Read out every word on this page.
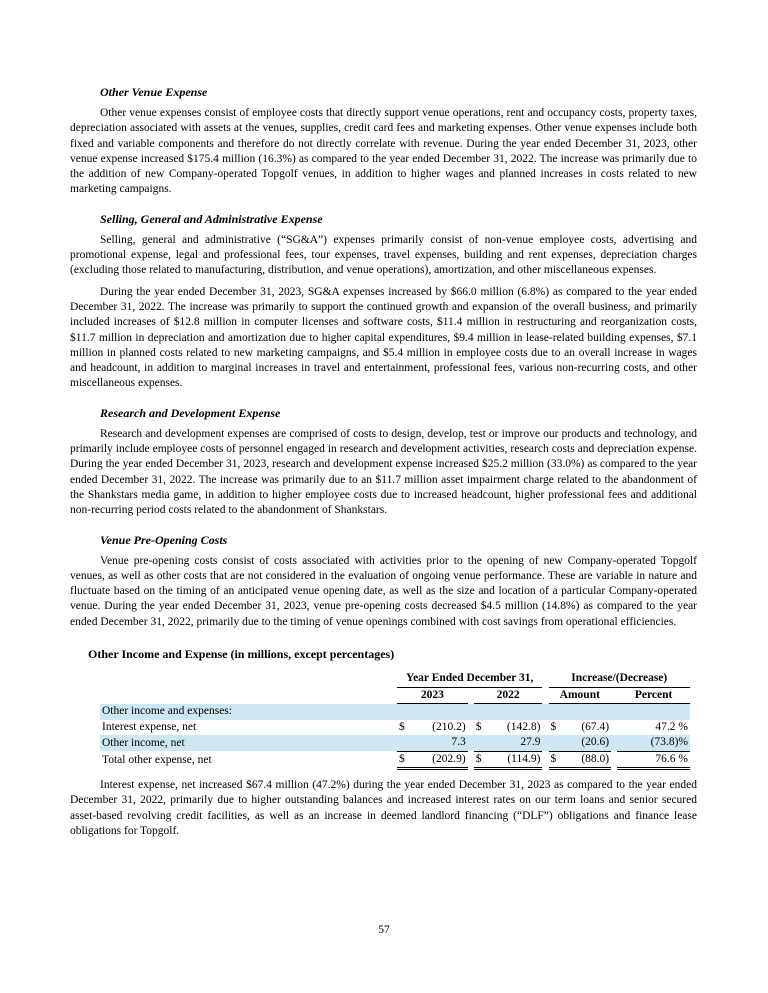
Other Venue Expense

Other venue expenses consist of employee costs that directly support venue operations, rent and occupancy costs, property taxes, depreciation associated with assets at the venues, supplies, credit card fees and marketing expenses. Other venue expenses include both fixed and variable components and therefore do not directly correlate with revenue. During the year ended December 31, 2023, other venue expense increased $175.4 million (16.3%) as compared to the year ended December 31, 2022. The increase was primarily due to the addition of new Company-operated Topgolf venues, in addition to higher wages and planned increases in costs related to new marketing campaigns.

Selling, General and Administrative Expense

Selling, general and administrative (“SG&A”) expenses primarily consist of non-venue employee costs, advertising and promotional expense, legal and professional fees, tour expenses, travel expenses, building and rent expenses, depreciation charges (excluding those related to manufacturing, distribution, and venue operations), amortization, and other miscellaneous expenses.

During the year ended December 31, 2023, SG&A expenses increased by $66.0 million (6.8%) as compared to the year ended December 31, 2022. The increase was primarily to support the continued growth and expansion of the overall business, and primarily included increases of $12.8 million in computer licenses and software costs, $11.4 million in restructuring and reorganization costs, $11.7 million in depreciation and amortization due to higher capital expenditures, $9.4 million in lease-related building expenses, $7.1 million in planned costs related to new marketing campaigns, and $5.4 million in employee costs due to an overall increase in wages and headcount, in addition to marginal increases in travel and entertainment, professional fees, various non-recurring costs, and other miscellaneous expenses.

Research and Development Expense

Research and development expenses are comprised of costs to design, develop, test or improve our products and technology, and primarily include employee costs of personnel engaged in research and development activities, research costs and depreciation expense. During the year ended December 31, 2023, research and development expense increased $25.2 million (33.0%) as compared to the year ended December 31, 2022. The increase was primarily due to an $11.7 million asset impairment charge related to the abandonment of the Shankstars media game, in addition to higher employee costs due to increased headcount, higher professional fees and additional non-recurring period costs related to the abandonment of Shankstars.

Venue Pre-Opening Costs

Venue pre-opening costs consist of costs associated with activities prior to the opening of new Company-operated Topgolf venues, as well as other costs that are not considered in the evaluation of ongoing venue performance. These are variable in nature and fluctuate based on the timing of an anticipated venue opening date, as well as the size and location of a particular Company-operated venue. During the year ended December 31, 2023, venue pre-opening costs decreased $4.5 million (14.8%) as compared to the year ended December 31, 2022, primarily due to the timing of venue openings combined with cost savings from operational efficiencies.

Other Income and Expense (in millions, except percentages)
	Year Ended December 31,						Increase/(Decrease)			
	2023			2022			Amount			Percent
Other income and expenses:										
Interest expense, net	$	(210.2)		$	(142.8)		$	(67.4)		47.2 %
Other income, net		7.3			27.9			(20.6)		(73.8)%
Total other expense, net	$	(202.9)		$	(114.9)		$	(88.0)		76.6 %

Interest expense, net increased $67.4 million (47.2%) during the year ended December 31, 2023 as compared to the year ended December 31, 2022, primarily due to higher outstanding balances and increased interest rates on our term loans and senior secured asset-based revolving credit facilities, as well as an increase in deemed landlord financing (“DLF”) obligations and finance lease obligations for Topgolf.

57
